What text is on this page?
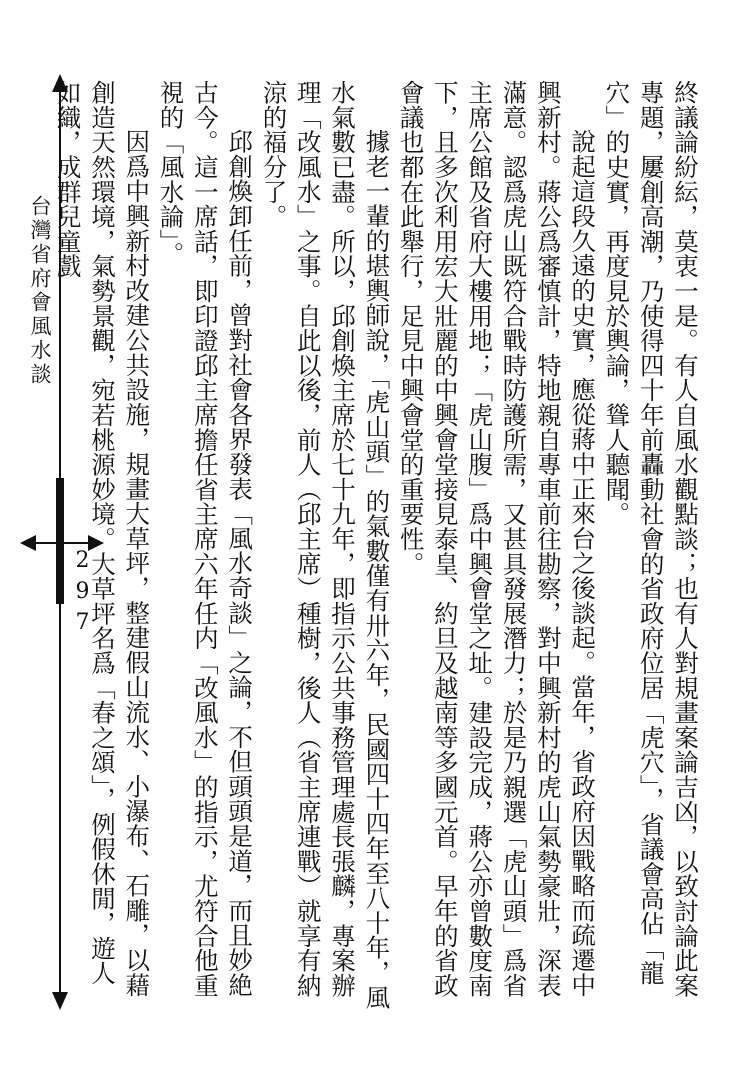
台灣省府會風水談
297	終議論紛紜，莫衷一是。有人自風水觀點談；也有人對規畫案論吉凶，以致討論此案專題，屢創高潮，乃使得四十年前轟動社會的省政府位居「虎穴」，省議會高佔「龍穴」的史實，再度見於輿論，聳人聽聞。

說起這段久遠的史實，應從蔣中正來台之後談起。當年，省政府因戰略而疏遷中興新村。蔣公爲審慎計，特地親自專車前往勘察，對中興新村的虎山氣勢豪壯，深表滿意。認爲虎山既符合戰時防護所需，又甚具發展潛力；於是乃親選「虎山頭」爲省主席公館及省府大樓用地；「虎山腹」爲中興會堂之址。建設完成，蔣公亦曾數度南下，且多次利用宏大壯麗的中興會堂接見泰皇、約旦及越南等多國元首。早年的省政會議也都在此舉行，足見中興會堂的重要性。

據老一輩的堪輿師說，「虎山頭」的氣數僅有卅六年，民國四十四年至八十年，風水氣數已盡。所以，邱創煥主席於七十九年，即指示公共事務管理處長張麟，專案辦理「改風水」之事。自此以後，前人（邱主席）種樹，後人（省主席連戰）就享有納涼的福分了。

邱創煥卸任前，曾對社會各界發表「風水奇談」之論，不但頭頭是道，而且妙絶古今。這一席話，即印證邱主席擔任省主席六年任内「改風水」的指示，尤符合他重視的「風水論」。

因爲中興新村改建公共設施，規畫大草坪，整建假山流水、小瀑布、石雕，以藉創造天然環境，氣勢景觀，宛若桃源妙境。大草坪名爲「春之頌」，例假休閒，遊人如織，成群兒童戲
